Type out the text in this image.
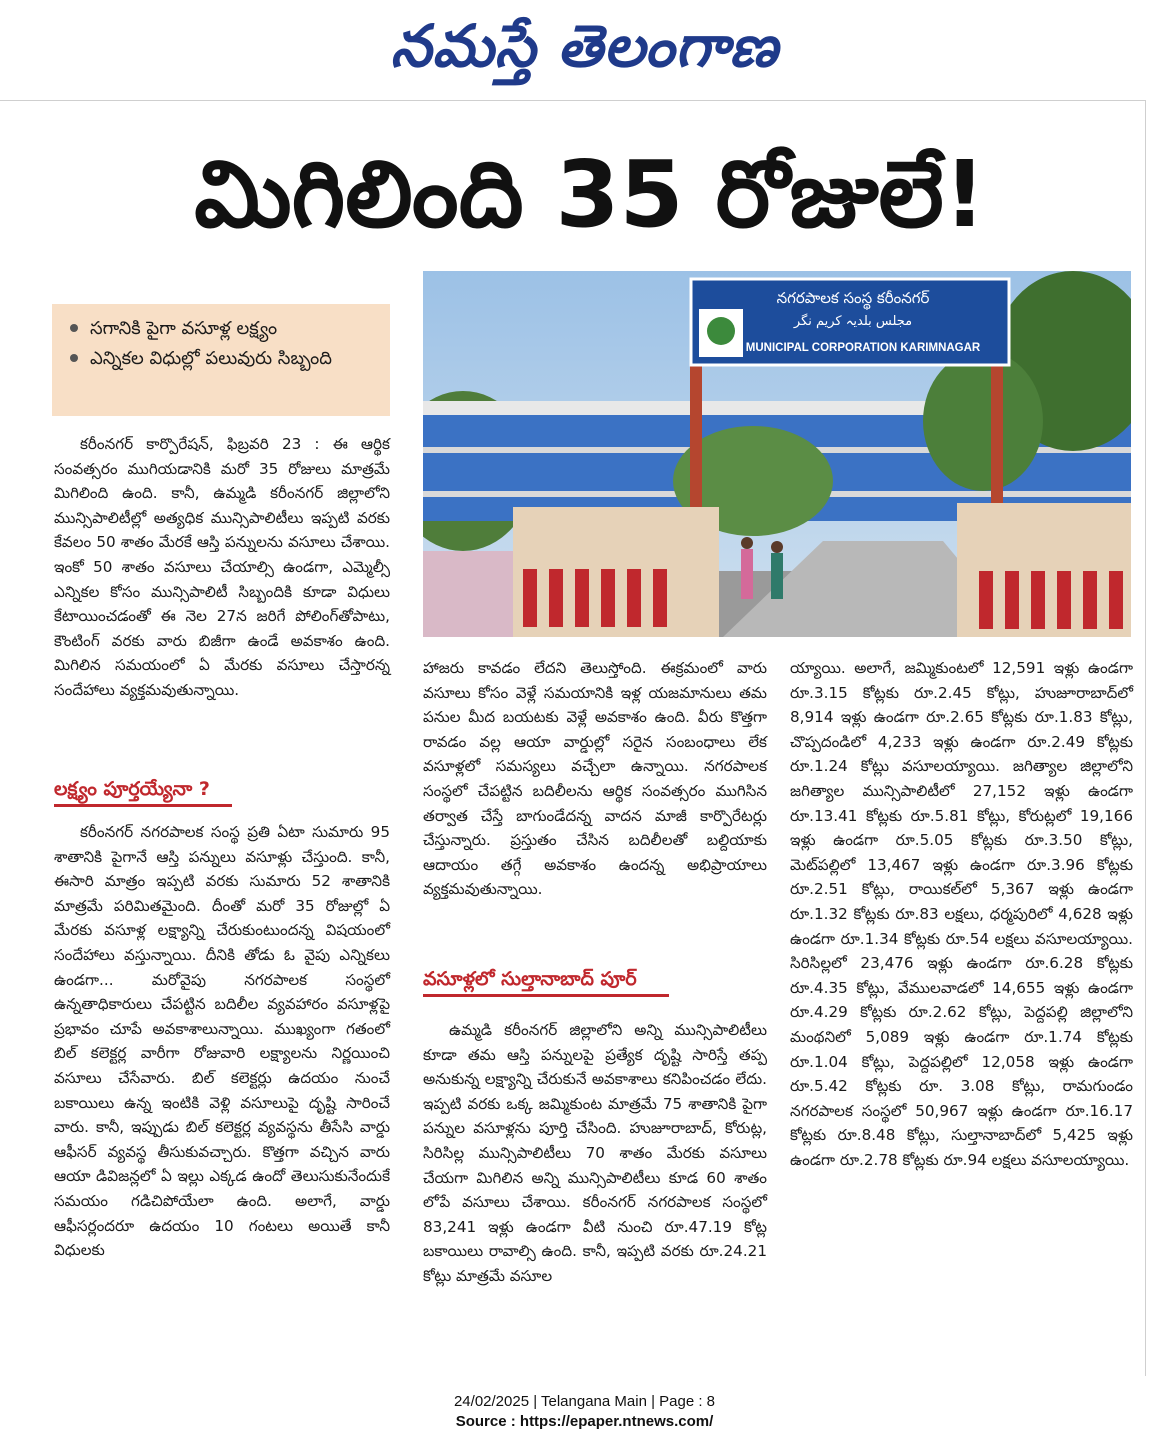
నమస్తే తెలంగాణ
మిగిలింది 35 రోజులే!
సగానికి పైగా వసూళ్ల లక్ష్యం
ఎన్నికల విధుల్లో పలువురు సిబ్బంది
నగరపాలక సంస్థ కరీంనగర్
مجلس بلدیہ کریم نگر
MUNICIPAL CORPORATION KARIMNAGAR

కరీంనగర్ కార్పొరేషన్, ఫిబ్రవరి 23 : ఈ ఆర్థిక సంవత్సరం ముగియడానికి మరో 35 రోజులు మాత్రమే మిగిలింది ఉంది. కానీ, ఉమ్మడి కరీంనగర్ జిల్లాలోని మున్సిపాలిటీల్లో అత్యధిక మున్సిపాలిటీలు ఇప్పటి వరకు కేవలం 50 శాతం మేరకే ఆస్తి పన్నులను వసూలు చేశాయి. ఇంకో 50 శాతం వసూలు చేయాల్సి ఉండగా, ఎమ్మెల్సీ ఎన్నికల కోసం మున్సిపాలిటీ సిబ్బందికి కూడా విధులు కేటాయించడంతో ఈ నెల 27న జరిగే పోలింగ్‌తోపాటు, కౌంటింగ్ వరకు వారు బిజీగా ఉండే అవకాశం ఉంది. మిగిలిన సమయంలో ఏ మేరకు వసూలు చేస్తారన్న సందేహాలు వ్యక్తమవుతున్నాయి.

లక్ష్యం పూర్తయ్యేనా ?

కరీంనగర్ నగరపాలక సంస్థ ప్రతి ఏటా సుమారు 95 శాతానికి పైగానే ఆస్తి పన్నులు వసూళ్లు చేస్తుంది. కానీ, ఈసారి మాత్రం ఇప్పటి వరకు సుమారు 52 శాతానికి మాత్రమే పరిమితమైంది. దీంతో మరో 35 రోజుల్లో ఏ మేరకు వసూళ్ల లక్ష్యాన్ని చేరుకుంటుందన్న విషయంలో సందేహాలు వస్తున్నాయి. దీనికి తోడు ఓ వైపు ఎన్నికలు ఉండగా... మరోవైపు నగరపాలక సంస్థలో ఉన్నతాధికారులు చేపట్టిన బదిలీల వ్యవహారం వసూళ్లపై ప్రభావం చూపే అవకాశాలున్నాయి. ముఖ్యంగా గతంలో బిల్ కలెక్టర్ల వారీగా రోజువారి లక్ష్యాలను నిర్ణయించి వసూలు చేసేవారు. బిల్ కలెక్టర్లు ఉదయం నుంచే బకాయిలు ఉన్న ఇంటికి వెళ్లి వసూలుపై దృష్టి సారించే వారు. కానీ, ఇప్పుడు బిల్ కలెక్టర్ల వ్యవస్థను తీసేసి వార్డు ఆఫీసర్ వ్యవస్థ తీసుకువచ్చారు. కొత్తగా వచ్చిన వారు ఆయా డివిజన్లలో ఏ ఇల్లు ఎక్కడ ఉందో తెలుసుకునేందుకే సమయం గడిచిపోయేలా ఉంది. అలాగే, వార్డు ఆఫీసర్లందరూ ఉదయం 10 గంటలు అయితే కానీ విధులకు

హాజరు కావడం లేదని తెలుస్తోంది. ఈక్రమంలో వారు వసూలు కోసం వెళ్లే సమయానికి ఇళ్ల యజమానులు తమ పనుల మీద బయటకు వెళ్లే అవకాశం ఉంది. వీరు కొత్తగా రావడం వల్ల ఆయా వార్డుల్లో సరైన సంబంధాలు లేక వసూళ్లలో సమస్యలు వచ్చేలా ఉన్నాయి. నగరపాలక సంస్థలో చేపట్టిన బదిలీలను ఆర్థిక సంవత్సరం ముగిసిన తర్వాత చేస్తే బాగుండేదన్న వాదన మాజీ కార్పొరేటర్లు చేస్తున్నారు. ప్రస్తుతం చేసిన బదిలీలతో బల్దియాకు ఆదాయం తగ్గే అవకాశం ఉందన్న అభిప్రాయాలు వ్యక్తమవుతున్నాయి.

వసూళ్లలో సుల్తానాబాద్ పూర్

ఉమ్మడి కరీంనగర్ జిల్లాలోని అన్ని మున్సిపాలిటీలు కూడా తమ ఆస్తి పన్నులపై ప్రత్యేక దృష్టి సారిస్తే తప్ప అనుకున్న లక్ష్యాన్ని చేరుకునే అవకాశాలు కనిపించడం లేదు. ఇప్పటి వరకు ఒక్క జమ్మికుంట మాత్రమే 75 శాతానికి పైగా పన్నుల వసూళ్లను పూర్తి చేసింది. హుజూరాబాద్, కోరుట్ల, సిరిసిల్ల మున్సిపాలిటీలు 70 శాతం మేరకు వసూలు చేయగా మిగిలిన అన్ని మున్సిపాలిటీలు కూడ 60 శాతం లోపే వసూలు చేశాయి. కరీంనగర్ నగరపాలక సంస్థలో 83,241 ఇళ్లు ఉండగా వీటి నుంచి రూ.47.19 కోట్ల బకాయిలు రావాల్సి ఉంది. కానీ, ఇప్పటి వరకు రూ.24.21 కోట్లు మాత్రమే వసూల

య్యాయి. అలాగే, జమ్మికుంటలో 12,591 ఇళ్లు ఉండగా రూ.3.15 కోట్లకు రూ.2.45 కోట్లు, హుజూరాబాద్‌లో 8,914 ఇళ్లు ఉండగా రూ.2.65 కోట్లకు రూ.1.83 కోట్లు, చొప్పదండిలో 4,233 ఇళ్లు ఉండగా రూ.2.49 కోట్లకు రూ.1.24 కోట్లు వసూలయ్యాయి. జగిత్యాల జిల్లాలోని జగిత్యాల మున్సిపాలిటీలో 27,152 ఇళ్లు ఉండగా రూ.13.41 కోట్లకు రూ.5.81 కోట్లు, కోరుట్లలో 19,166 ఇళ్లు ఉండగా రూ.5.05 కోట్లకు రూ.3.50 కోట్లు, మెట్‌పల్లిలో 13,467 ఇళ్లు ఉండగా రూ.3.96 కోట్లకు రూ.2.51 కోట్లు, రాయికల్‌లో 5,367 ఇళ్లు ఉండగా రూ.1.32 కోట్లకు రూ.83 లక్షలు, ధర్మపురిలో 4,628 ఇళ్లు ఉండగా రూ.1.34 కోట్లకు రూ.54 లక్షలు వసూలయ్యాయి. సిరిసిల్లలో 23,476 ఇళ్లు ఉండగా రూ.6.28 కోట్లకు రూ.4.35 కోట్లు, వేములవాడలో 14,655 ఇళ్లు ఉండగా రూ.4.29 కోట్లకు రూ.2.62 కోట్లు, పెద్దపల్లి జిల్లాలోని మంథనిలో 5,089 ఇళ్లు ఉండగా రూ.1.74 కోట్లకు రూ.1.04 కోట్లు, పెద్దపల్లిలో 12,058 ఇళ్లు ఉండగా రూ.5.42 కోట్లకు రూ. 3.08 కోట్లు, రామగుండం నగరపాలక సంస్థలో 50,967 ఇళ్లు ఉండగా రూ.16.17 కోట్లకు రూ.8.48 కోట్లు, సుల్తానాబాద్‌లో 5,425 ఇళ్లు ఉండగా రూ.2.78 కోట్లకు రూ.94 లక్షలు వసూలయ్యాయి.

24/02/2025 | Telangana Main | Page : 8
Source : https://epaper.ntnews.com/
